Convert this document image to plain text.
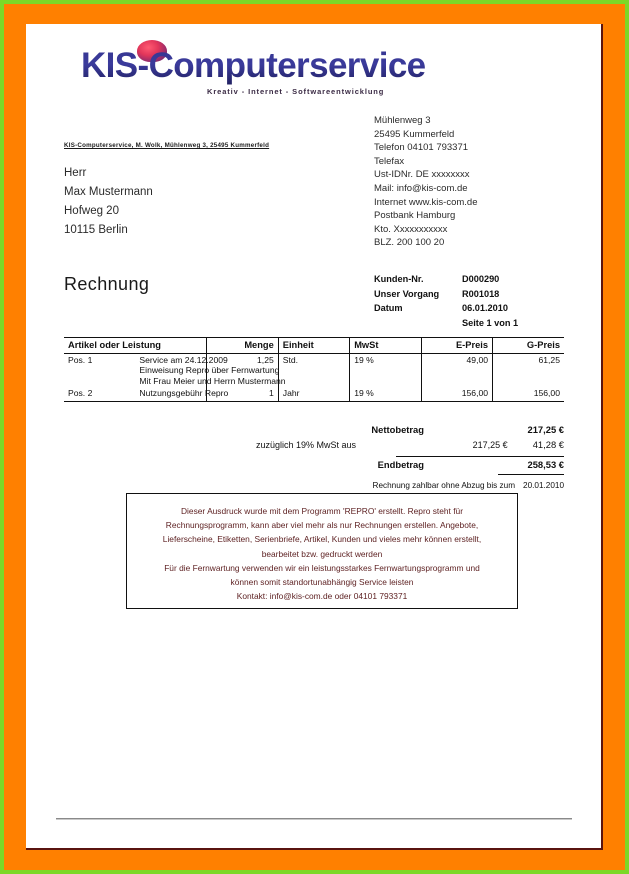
KIS-Computerservice
Kreativ - Internet - Softwareentwicklung
Mühlenweg 3
25495 Kummerfeld
Telefon 04101 793371
Telefax
Ust-IDNr. DE xxxxxxxx
Mail: info@kis-com.de
Internet www.kis-com.de
Postbank Hamburg
Kto. Xxxxxxxxxxx
BLZ. 200 100 20
KIS-Computerservice, M. Wolk, Mühlenweg 3, 25495 Kummerfeld
Herr
Max Mustermann
Hofweg 20
10115 Berlin
Rechnung	Kunden-Nr.	D000290
Unser Vorgang	R001018
Datum	06.01.2010
Seite 1 von 1
Artikel oder Leistung		Menge	Einheit	MwSt	E-Preis	G-Preis
Pos. 1	Service am 24.12.2009
Einweisung Repro über Fernwartung
Mit Frau Meier und Herrn Mustermann	1,25	Std.	19 %	49,00	61,25
Pos. 2	Nutzungsgebühr Repro	1	Jahr	19 %	156,00	156,00
Nettobetrag	217,25 €
zuzüglich 19% MwSt aus	217,25 €	41,28 €
Endbetrag	258,53 €
Rechnung zahlbar ohne Abzug bis zum 20.01.2010

Dieser Ausdruck wurde mit dem Programm 'REPRO' erstellt. Repro steht für

Rechnungsprogramm, kann aber viel mehr als nur Rechnungen erstellen. Angebote,

Lieferscheine, Etiketten, Serienbriefe, Artikel, Kunden und vieles mehr können erstellt,

bearbeitet bzw. gedruckt werden

Für die Fernwartung verwenden wir ein leistungsstarkes Fernwartungsprogramm und

können somit standortunabhängig Service leisten

Kontakt: info@kis-com.de oder 04101 793371
